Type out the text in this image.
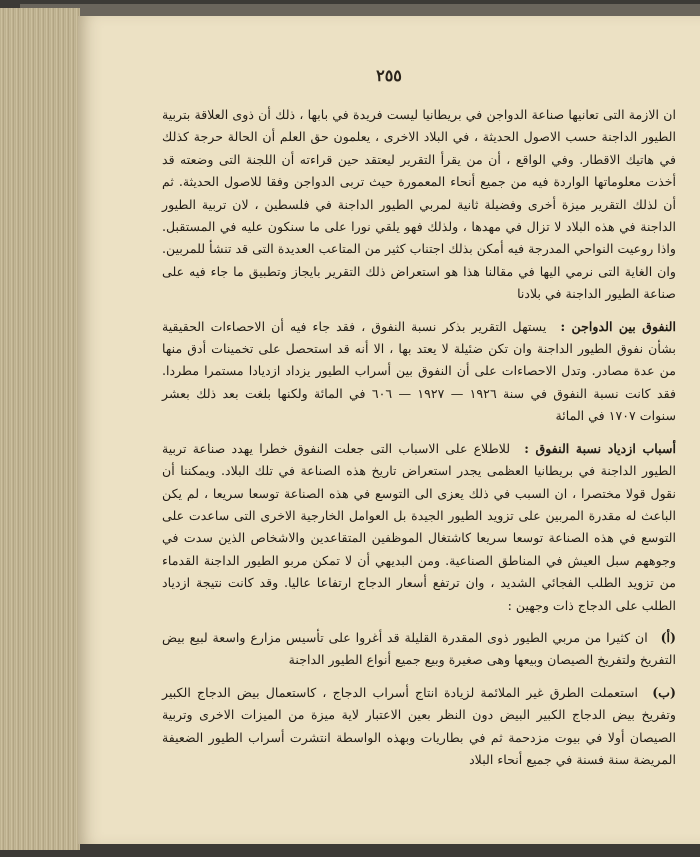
٢٥٥

ان الازمة التى تعانيها صناعة الدواجن في بريطانيا ليست فريدة في بابها ، ذلك أن ذوى العلاقة بتربية الطيور الداجنة حسب الاصول الحديثة ، في البلاد الاخرى ، يعلمون حق العلم أن الحالة حرجة كذلك في هاتيك الاقطار. وفي الواقع ، أن من يقرأ التقرير ليعتقد حين قراءته أن اللجنة التى وضعته قد أخذت معلوماتها الواردة فيه من جميع أنحاء المعمورة حيث تربى الدواجن وفقا للاصول الحديثة. ثم أن لذلك التقرير ميزة أخرى وفضيلة ثانية لمربي الطيور الداجنة في فلسطين ، لان تربية الطيور الداجنة في هذه البلاد لا تزال في مهدها ، ولذلك فهو يلقي نورا على ما سنكون عليه في المستقبل. واذا روعيت النواحي المدرجة فيه أمكن بذلك اجتناب كثير من المتاعب العديدة التى قد تنشأ للمربين. وان الغاية التى نرمي اليها في مقالنا هذا هو استعراض ذلك التقرير بايجاز وتطبيق ما جاء فيه على صناعة الطيور الداجنة في بلادنا

النفوق بين الدواجن : يستهل التقرير بذكر نسبة النفوق ، فقد جاء فيه أن الاحصاءات الحقيقية بشأن نفوق الطيور الداجنة وان تكن ضئيلة لا يعتد بها ، الا أنه قد استحصل على تخمينات أدق منها من عدة مصادر. وتدل الاحصاءات على أن النفوق بين أسراب الطيور يزداد ازديادا مستمرا مطردا. فقد كانت نسبة النفوق في سنة ١٩٢٦ — ١٩٢٧ — ٦٠٦ في المائة ولكنها بلغت بعد ذلك بعشر سنوات ١٧٠٧ في المائة

أسباب ازدياد نسبة النفوق : للاطلاع على الاسباب التى جعلت النفوق خطرا يهدد صناعة تربية الطيور الداجنة في بريطانيا العظمى يجدر استعراض تاريخ هذه الصناعة في تلك البلاد. ويمكننا أن نقول قولا مختصرا ، ان السبب في ذلك يعزى الى التوسع في هذه الصناعة توسعا سريعا ، لم يكن الباعث له مقدرة المربين على تزويد الطيور الجيدة بل العوامل الخارجية الاخرى التى ساعدت على التوسع في هذه الصناعة توسعا سريعا كاشتغال الموظفين المتقاعدين والاشخاص الذين سدت في وجوههم سبل العيش في المناطق الصناعية. ومن البديهي أن لا تمكن مربو الطيور الداجنة القدماء من تزويد الطلب الفجائي الشديد ، وان ترتفع أسعار الدجاج ارتفاعا عاليا. وقد كانت نتيجة ازدياد الطلب على الدجاج ذات وجهين :

(أ) ان كثيرا من مربي الطيور ذوى المقدرة القليلة قد أغروا على تأسيس مزارع واسعة لبيع بيض التفريخ ولتفريخ الصيصان وبيعها وهى صغيرة وبيع جميع أنواع الطيور الداجنة

(ب) استعملت الطرق غير الملائمة لزيادة انتاج أسراب الدجاج ، كاستعمال بيض الدجاج الكبير وتفريخ بيض الدجاج الكبير البيض دون النظر بعين الاعتبار لاية ميزة من الميزات الاخرى وتربية الصيصان أولا في بيوت مزدحمة ثم في بطاريات وبهذه الواسطة انتشرت أسراب الطيور الضعيفة المريضة سنة فسنة في جميع أنحاء البلاد
